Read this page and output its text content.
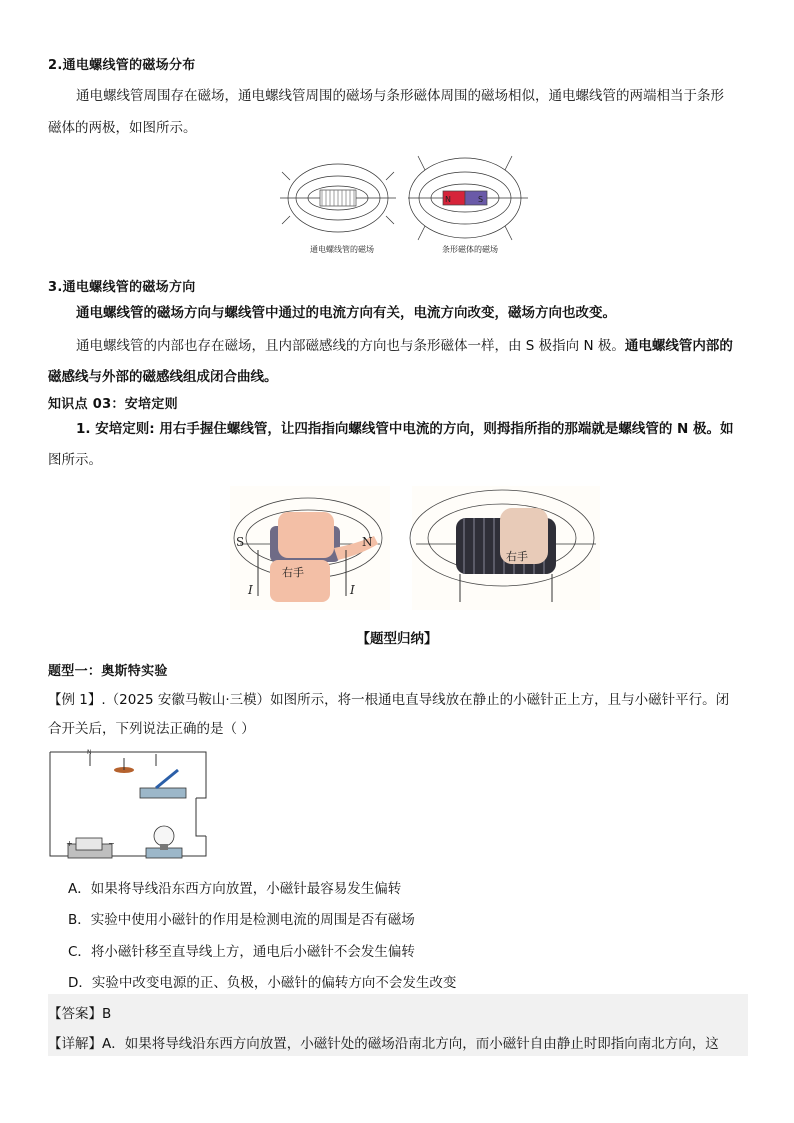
2.通电螺线管的磁场分布
通电螺线管周围存在磁场，通电螺线管周围的磁场与条形磁体周围的磁场相似，通电螺线管的两端相当于条形
磁体的两极，如图所示。
N	S
通电螺线管的磁场	条形磁体的磁场
3.通电螺线管的磁场方向
通电螺线管的磁场方向与螺线管中通过的电流方向有关，电流方向改变，磁场方向也改变。
通电螺线管的内部也存在磁场，且内部磁感线的方向也与条形磁体一样，由 S 极指向 N 极。通电螺线管内部的
磁感线与外部的磁感线组成闭合曲线。
知识点 03：安培定则
1. 安培定则: 用右手握住螺线管，让四指指向螺线管中电流的方向，则拇指所指的那端就是螺线管的 N 极。如
图所示。
S	N
右手
I	I
右手
【题型归纳】
题型一：奥斯特实验
【例 1】.（2025 安徽马鞍山·三模）如图所示，将一根通电直导线放在静止的小磁针正上方，且与小磁针平行。闭
合开关后，下列说法正确的是（ ）
N
+	−
A．如果将导线沿东西方向放置，小磁针最容易发生偏转
B．实验中使用小磁针的作用是检测电流的周围是否有磁场
C．将小磁针移至直导线上方，通电后小磁针不会发生偏转
D．实验中改变电源的正、负极，小磁针的偏转方向不会发生改变
【答案】B
【详解】A．如果将导线沿东西方向放置，小磁针处的磁场沿南北方向，而小磁针自由静止时即指向南北方向，这
